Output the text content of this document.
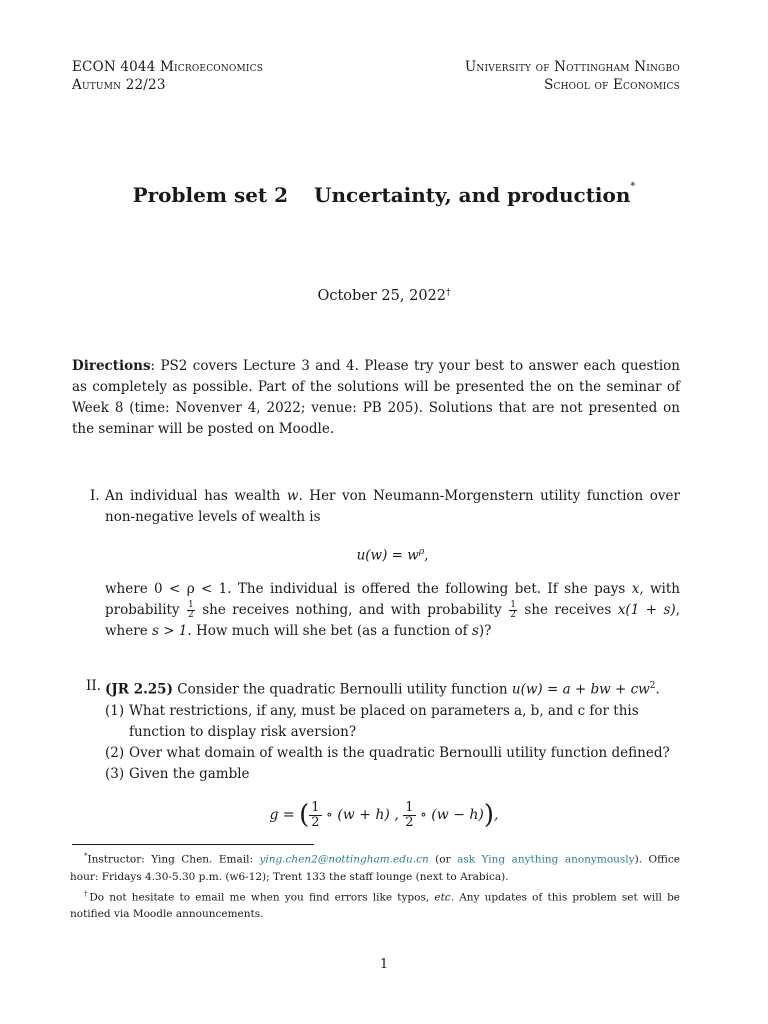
ECON 4044 Microeconomics
Autumn 22/23
University of Nottingham Ningbo
School of Economics
Problem set 2 Uncertainty, and production*
October 25, 2022†
Directions: PS2 covers Lecture 3 and 4. Please try your best to answer each question as completely as possible. Part of the solutions will be presented the on the seminar of Week 8 (time: Novenver 4, 2022; venue: PB 205). Solutions that are not presented on the seminar will be posted on Moodle.
I. An individual has wealth w. Her von Neumann-Morgenstern utility function over non-negative levels of wealth is
$u(w) = w^\rho$,
where 0 < ρ < 1. The individual is offered the following bet. If she pays x, with probability $\frac{1}{2}$ she receives nothing, and with probability $\frac{1}{2}$ she receives x(1 + s), where s > 1. How much will she bet (as a function of s)?
II. (JR 2.25) Consider the quadratic Bernoulli utility function u(w) = a + bw + $cw^2$.
(1) What restrictions, if any, must be placed on parameters a, b, and c for this function to display risk aversion?
(2) Over what domain of wealth is the quadratic Bernoulli utility function defined?
(3) Given the gamble
g = ( $\frac{1}{2}$ ∘ (w + h) , $\frac{1}{2}$ ∘ (w − h)),
*Instructor: Ying Chen. Email: ying.chen2@nottingham.edu.cn (or ask Ying anything anonymously). Office hour: Fridays 4.30-5.30 p.m. (w6-12); Trent 133 the staff lounge (next to Arabica).
†Do not hesitate to email me when you find errors like typos, etc. Any updates of this problem set will be notified via Moodle announcements.
1
